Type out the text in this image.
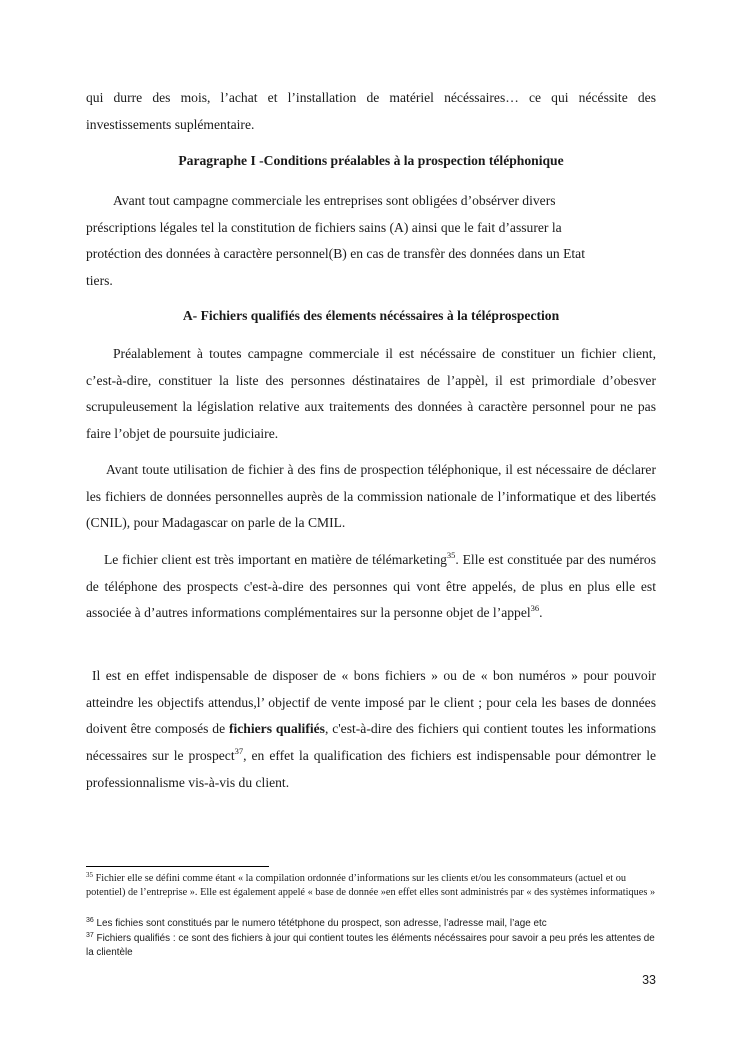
qui durre des mois, l’achat et l’installation de matériel nécéssaires… ce qui nécéssite des

investissements suplémentaire.

Paragraphe I -Conditions préalables à la prospection téléphonique

Avant tout campagne commerciale les entreprises sont obligées d’obsérver divers

préscriptions légales tel la constitution de fichiers sains (A) ainsi que le fait d’assurer la

protéction des données à caractère personnel(B) en cas de transfèr des données dans un Etat

tiers.

A- Fichiers qualifiés des élements nécéssaires à la téléprospection

Préalablement à toutes campagne commerciale il est nécéssaire de constituer un fichier client, c’est-à-dire, constituer la liste des personnes déstinataires de l’appèl, il est primordiale d’obesver scrupuleusement la législation relative aux traitements des données à caractère personnel pour ne pas faire l’objet de poursuite judiciaire.

Avant toute utilisation de fichier à des fins de prospection téléphonique, il est nécessaire de déclarer les fichiers de données personnelles auprès de la commission nationale de l’informatique et des libertés (CNIL), pour Madagascar on parle de la CMIL.

Le fichier client est très important en matière de télémarketing$^{35}$. Elle est constituée par des numéros de téléphone des prospects c'est-à-dire des personnes qui vont être appelés, de plus en plus elle est associée à d’autres informations complémentaires sur la personne objet de l’appel$^{36}$.

Il est en effet indispensable de disposer de « bons fichiers » ou de « bon numéros » pour pouvoir atteindre les objectifs attendus,l’ objectif de vente imposé par le client ; pour cela les bases de données doivent être composés de fichiers qualifiés, c'est-à-dire des fichiers qui contient toutes les informations nécessaires sur le prospect$^{37}$, en effet la qualification des fichiers est indispensable pour démontrer le professionnalisme vis-à-vis du client.

$^{35}$ Fichier elle se défini comme étant « la compilation ordonnée d’informations sur les clients et/ou les consommateurs (actuel et ou potentiel) de l’entreprise ». Elle est également appelé « base de donnée »en effet elles sont administrés par « des systèmes informatiques »
$^{36}$ Les fichies sont constitués par le numero tététphone du prospect, son adresse, l’adresse mail, l’age etc
$^{37}$ Fichiers qualifiés : ce sont des fichiers à jour qui contient toutes les éléments nécéssaires pour savoir a peu prés les attentes de la clientèle
33
